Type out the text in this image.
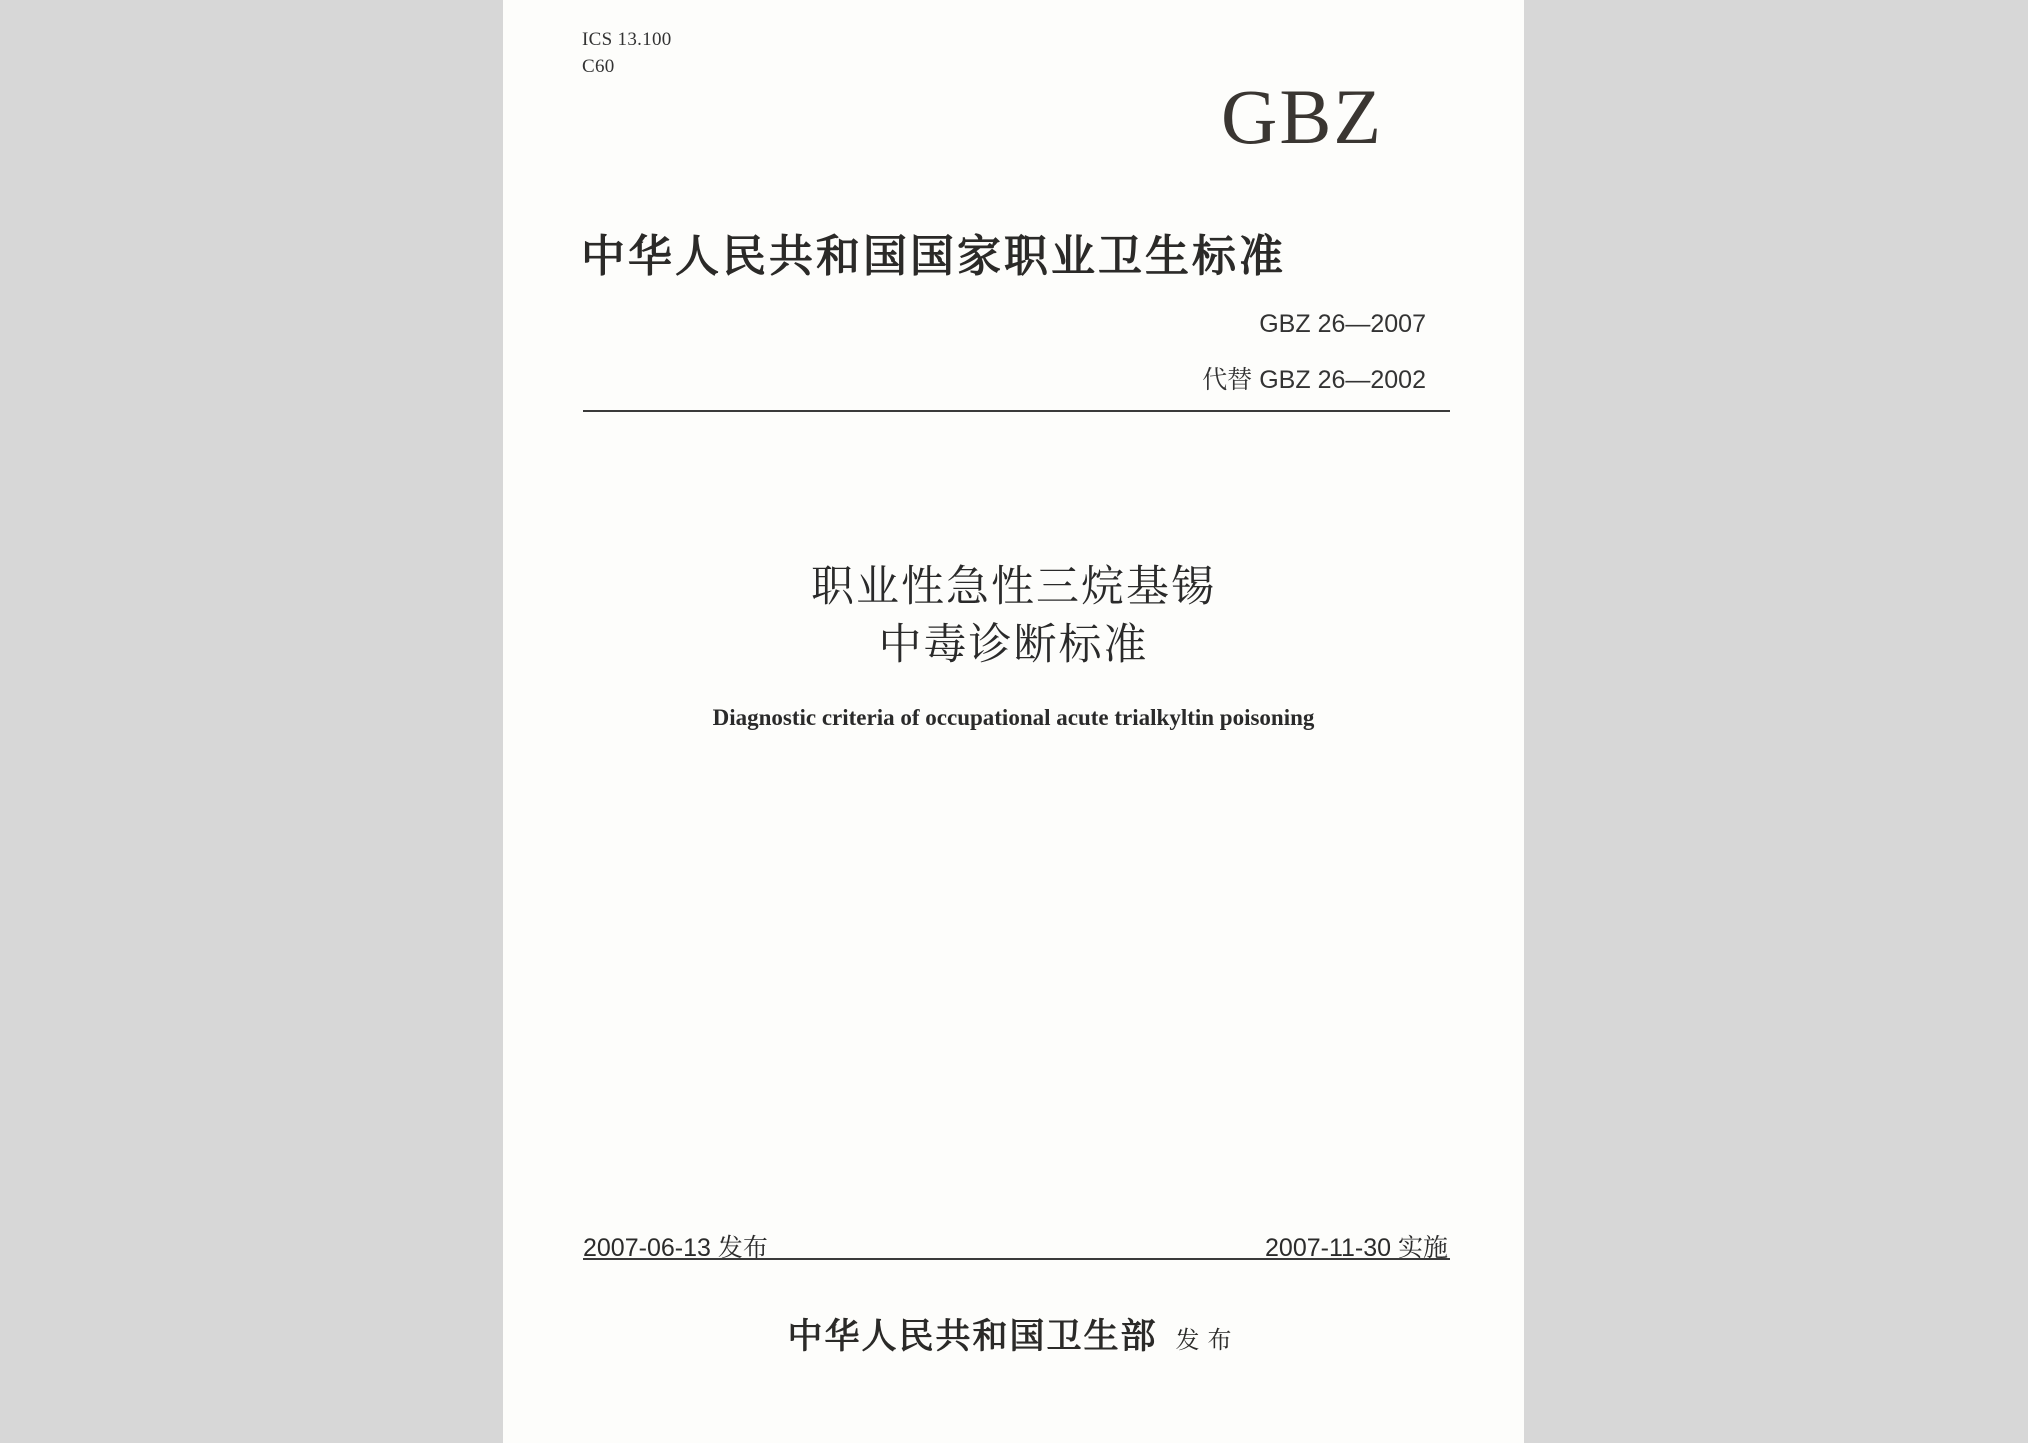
ICS 13.100
C60
GBZ
中华人民共和国国家职业卫生标准
GBZ 26—2007
代替 GBZ 26—2002
职业性急性三烷基锡
中毒诊断标准
Diagnostic criteria of occupational acute trialkyltin poisoning
2007-06-13 发布	2007-11-30 实施
中华人民共和国卫生部 发布
